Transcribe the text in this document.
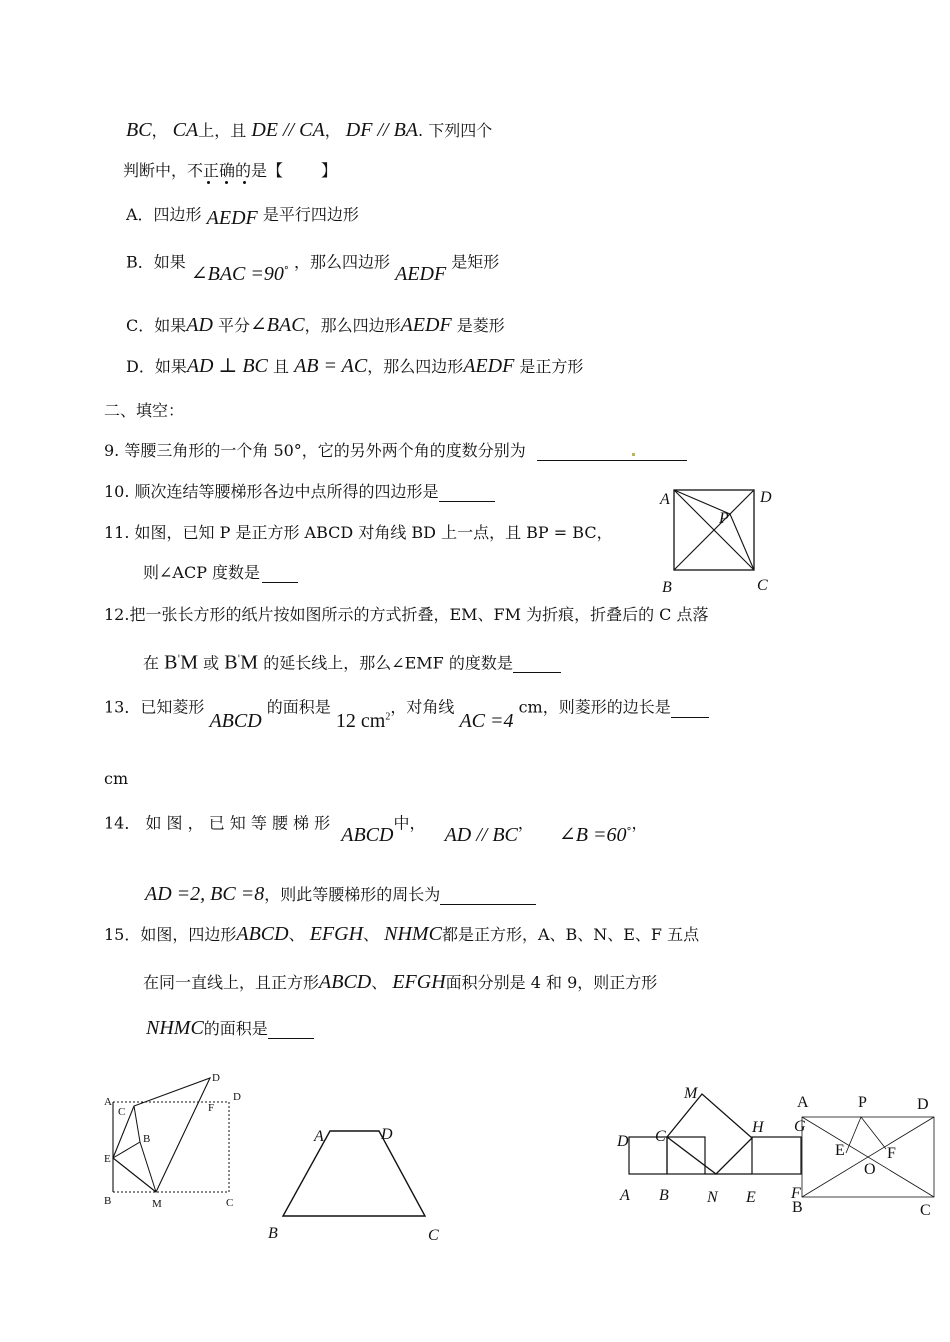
BC， CA上，且 DE // CA， DF // BA. 下列四个
判断中，不正确的是【 】
A．四边形 AEDF 是平行四边形
B．如果 ∠BAC =90° ，那么四边形 AEDF 是矩形
C．如果AD 平分∠BAC，那么四边形AEDF 是菱形
D．如果AD ⊥ BC 且 AB = AC，那么四边形AEDF 是正方形
二、填空：
9. 等腰三角形的一个角 50°，它的另外两个角的度数分别为
10. 顺次连结等腰梯形各边中点所得的四边形是
11. 如图，已知 P 是正方形 ABCD 对角线 BD 上一点，且 BP = BC，
则∠ACP 度数是
A	D
P
B	C
12.把一张长方形的纸片按如图所示的方式折叠，EM、FM 为折痕，折叠后的 C 点落
在 B'M 或 B'M 的延长线上，那么∠EMF 的度数是
13．已知菱形 ABCD 的面积是 12 $cm^2$，对角线 AC =4 cm，则菱形的边长是
cm
14． 如 图 ， 已 知 等 腰 梯 形 ABCD中， AD // BC， ∠B =60°，
AD =2, BC =8，则此等腰梯形的周长为
15．如图，四边形ABCD、 EFGH、 NHMC都是正方形，A、B、N、E、F 五点
在同一直线上，且正方形ABCD、 EFGH面积分别是 4 和 9，则正方形
NHMC的面积是
A
C
D
D
F
B
E
B	M	C
A	D
B	C
M
C
H
D
A B N E F
G
A	P	D
E	F
O
B	C
